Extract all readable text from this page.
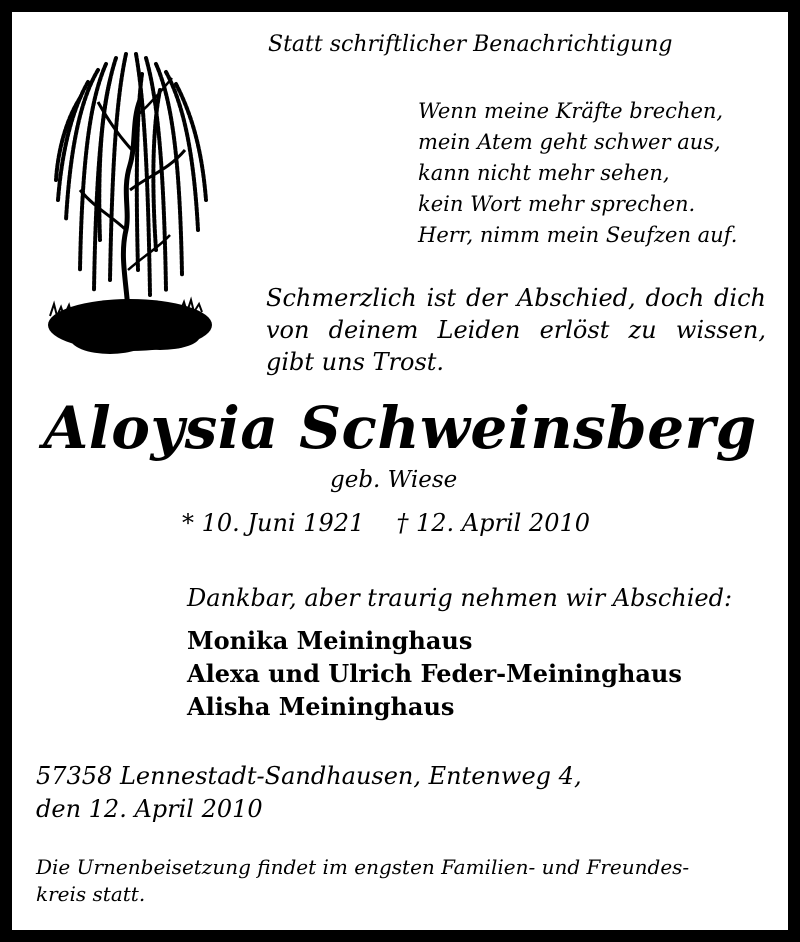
Statt schriftlicher Benachrichtigung

Wenn meine Kräfte brechen,
mein Atem geht schwer aus,
kann nicht mehr sehen,
kein Wort mehr sprechen.
Herr, nimm mein Seufzen auf.
Schmerzlich ist der Abschied, doch dich
von deinem Leiden erlöst zu wissen,
gibt uns Trost.

Aloysia Schweinsberg

geb. Wiese

* 10. Juni 1921 † 12. April 2010

Dankbar, aber traurig nehmen wir Abschied:

Monika Meininghaus
Alexa und Ulrich Feder-Meininghaus
Alisha Meininghaus
57358 Lennestadt-Sandhausen, Entenweg 4,
den 12. April 2010
Die Urnenbeisetzung findet im engsten Familien- und Freundes-
kreis statt.
